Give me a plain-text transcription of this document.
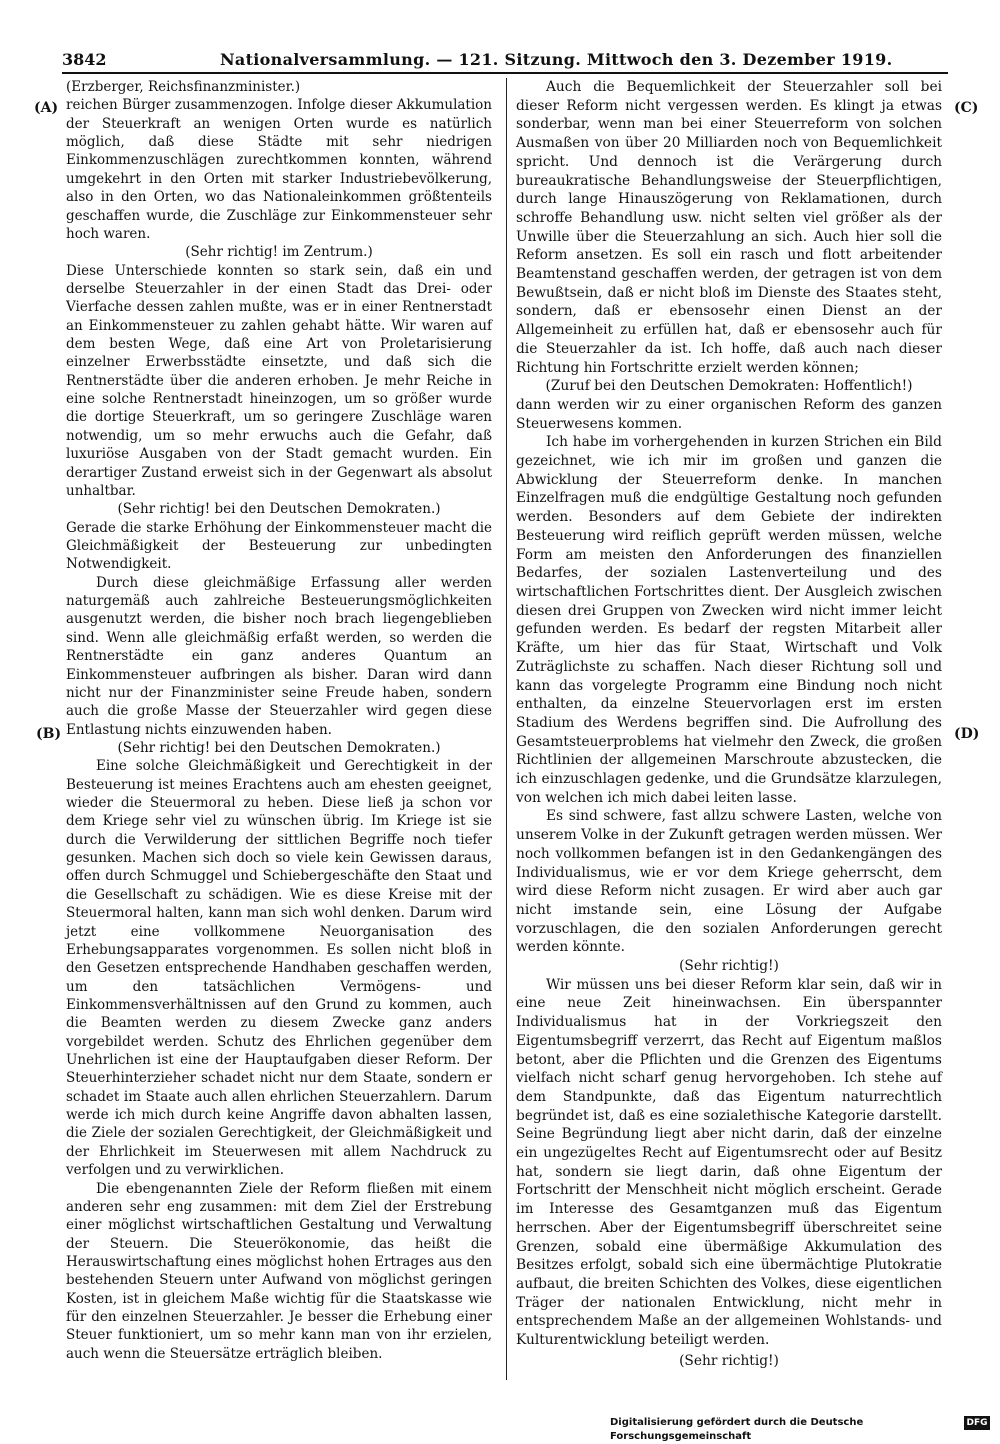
3842	Nationalversammlung. — 121. Sitzung. Mittwoch den 3. Dezember 1919.
(A)
(B)
(C)
(D)

(Erzberger, Reichsfinanzminister.)

reichen Bürger zusammenzogen. Infolge dieser Akkumulation der Steuerkraft an wenigen Orten wurde es natürlich möglich, daß diese Städte mit sehr niedrigen Einkommenzuschlägen zurechtkommen konnten, während umgekehrt in den Orten mit starker Industriebevölkerung, also in den Orten, wo das Nationaleinkommen größtenteils geschaffen wurde, die Zuschläge zur Einkommensteuer sehr hoch waren.

(Sehr richtig! im Zentrum.)

Diese Unterschiede konnten so stark sein, daß ein und derselbe Steuerzahler in der einen Stadt das Drei- oder Vierfache dessen zahlen mußte, was er in einer Rentnerstadt an Einkommensteuer zu zahlen gehabt hätte. Wir waren auf dem besten Wege, daß eine Art von Proletarisierung einzelner Erwerbsstädte einsetzte, und daß sich die Rentnerstädte über die anderen erhoben. Je mehr Reiche in eine solche Rentnerstadt hineinzogen, um so größer wurde die dortige Steuerkraft, um so geringere Zuschläge waren notwendig, um so mehr erwuchs auch die Gefahr, daß luxuriöse Ausgaben von der Stadt gemacht wurden. Ein derartiger Zustand erweist sich in der Gegenwart als absolut unhaltbar.

(Sehr richtig! bei den Deutschen Demokraten.)

Gerade die starke Erhöhung der Einkommensteuer macht die Gleichmäßigkeit der Besteuerung zur unbedingten Notwendigkeit.

Durch diese gleichmäßige Erfassung aller werden naturgemäß auch zahlreiche Besteuerungsmöglichkeiten ausgenutzt werden, die bisher noch brach liegengeblieben sind. Wenn alle gleichmäßig erfaßt werden, so werden die Rentnerstädte ein ganz anderes Quantum an Einkommensteuer aufbringen als bisher. Daran wird dann nicht nur der Finanzminister seine Freude haben, sondern auch die große Masse der Steuerzahler wird gegen diese Entlastung nichts einzuwenden haben.

(Sehr richtig! bei den Deutschen Demokraten.)

Eine solche Gleichmäßigkeit und Gerechtigkeit in der Besteuerung ist meines Erachtens auch am ehesten geeignet, wieder die Steuermoral zu heben. Diese ließ ja schon vor dem Kriege sehr viel zu wünschen übrig. Im Kriege ist sie durch die Verwilderung der sittlichen Begriffe noch tiefer gesunken. Machen sich doch so viele kein Gewissen daraus, offen durch Schmuggel und Schiebergeschäfte den Staat und die Gesellschaft zu schädigen. Wie es diese Kreise mit der Steuermoral halten, kann man sich wohl denken. Darum wird jetzt eine vollkommene Neuorganisation des Erhebungsapparates vorgenommen. Es sollen nicht bloß in den Gesetzen entsprechende Handhaben geschaffen werden, um den tatsächlichen Vermögens- und Einkommensverhältnissen auf den Grund zu kommen, auch die Beamten werden zu diesem Zwecke ganz anders vorgebildet werden. Schutz des Ehrlichen gegenüber dem Unehrlichen ist eine der Hauptaufgaben dieser Reform. Der Steuerhinterzieher schadet nicht nur dem Staate, sondern er schadet im Staate auch allen ehrlichen Steuerzahlern. Darum werde ich mich durch keine Angriffe davon abhalten lassen, die Ziele der sozialen Gerechtigkeit, der Gleichmäßigkeit und der Ehrlichkeit im Steuerwesen mit allem Nachdruck zu verfolgen und zu verwirklichen.

Die ebengenannten Ziele der Reform fließen mit einem anderen sehr eng zusammen: mit dem Ziel der Erstrebung einer möglichst wirtschaftlichen Gestaltung und Verwaltung der Steuern. Die Steuerökonomie, das heißt die Herauswirtschaftung eines möglichst hohen Ertrages aus den bestehenden Steuern unter Aufwand von möglichst geringen Kosten, ist in gleichem Maße wichtig für die Staatskasse wie für den einzelnen Steuerzahler. Je besser die Erhebung einer Steuer funktioniert, um so mehr kann man von ihr erzielen, auch wenn die Steuersätze erträglich bleiben.

Auch die Bequemlichkeit der Steuerzahler soll bei dieser Reform nicht vergessen werden. Es klingt ja etwas sonderbar, wenn man bei einer Steuerreform von solchen Ausmaßen von über 20 Milliarden noch von Bequemlichkeit spricht. Und dennoch ist die Verärgerung durch bureaukratische Behandlungsweise der Steuerpflichtigen, durch lange Hinauszögerung von Reklamationen, durch schroffe Behandlung usw. nicht selten viel größer als der Unwille über die Steuerzahlung an sich. Auch hier soll die Reform ansetzen. Es soll ein rasch und flott arbeitender Beamtenstand geschaffen werden, der getragen ist von dem Bewußtsein, daß er nicht bloß im Dienste des Staates steht, sondern, daß er ebensosehr einen Dienst an der Allgemeinheit zu erfüllen hat, daß er ebensosehr auch für die Steuerzahler da ist. Ich hoffe, daß auch nach dieser Richtung hin Fortschritte erzielt werden können;

(Zuruf bei den Deutschen Demokraten: Hoffentlich!)

dann werden wir zu einer organischen Reform des ganzen Steuerwesens kommen.

Ich habe im vorhergehenden in kurzen Strichen ein Bild gezeichnet, wie ich mir im großen und ganzen die Abwicklung der Steuerreform denke. In manchen Einzelfragen muß die endgültige Gestaltung noch gefunden werden. Besonders auf dem Gebiete der indirekten Besteuerung wird reiflich geprüft werden müssen, welche Form am meisten den Anforderungen des finanziellen Bedarfes, der sozialen Lastenverteilung und des wirtschaftlichen Fortschrittes dient. Der Ausgleich zwischen diesen drei Gruppen von Zwecken wird nicht immer leicht gefunden werden. Es bedarf der regsten Mitarbeit aller Kräfte, um hier das für Staat, Wirtschaft und Volk Zuträglichste zu schaffen. Nach dieser Richtung soll und kann das vorgelegte Programm eine Bindung noch nicht enthalten, da einzelne Steuervorlagen erst im ersten Stadium des Werdens begriffen sind. Die Aufrollung des Gesamtsteuerproblems hat vielmehr den Zweck, die großen Richtlinien der allgemeinen Marschroute abzustecken, die ich einzuschlagen gedenke, und die Grundsätze klarzulegen, von welchen ich mich dabei leiten lasse.

Es sind schwere, fast allzu schwere Lasten, welche von unserem Volke in der Zukunft getragen werden müssen. Wer noch vollkommen befangen ist in den Gedankengängen des Individualismus, wie er vor dem Kriege geherrscht, dem wird diese Reform nicht zusagen. Er wird aber auch gar nicht imstande sein, eine Lösung der Aufgabe vorzuschlagen, die den sozialen Anforderungen gerecht werden könnte.

(Sehr richtig!)

Wir müssen uns bei dieser Reform klar sein, daß wir in eine neue Zeit hineinwachsen. Ein überspannter Individualismus hat in der Vorkriegszeit den Eigentumsbegriff verzerrt, das Recht auf Eigentum maßlos betont, aber die Pflichten und die Grenzen des Eigentums vielfach nicht scharf genug hervorgehoben. Ich stehe auf dem Standpunkte, daß das Eigentum naturrechtlich begründet ist, daß es eine sozialethische Kategorie darstellt. Seine Begründung liegt aber nicht darin, daß der einzelne ein ungezügeltes Recht auf Eigentumsrecht oder auf Besitz hat, sondern sie liegt darin, daß ohne Eigentum der Fortschritt der Menschheit nicht möglich erscheint. Gerade im Interesse des Gesamtganzen muß das Eigentum herrschen. Aber der Eigentumsbegriff überschreitet seine Grenzen, sobald eine übermäßige Akkumulation des Besitzes erfolgt, sobald sich eine übermächtige Plutokratie aufbaut, die breiten Schichten des Volkes, diese eigentlichen Träger der nationalen Entwicklung, nicht mehr in entsprechendem Maße an der allgemeinen Wohlstands- und Kulturentwicklung beteiligt werden.

(Sehr richtig!)

Digitalisierung gefördert durch die Deutsche Forschungsgemeinschaft
DFG
